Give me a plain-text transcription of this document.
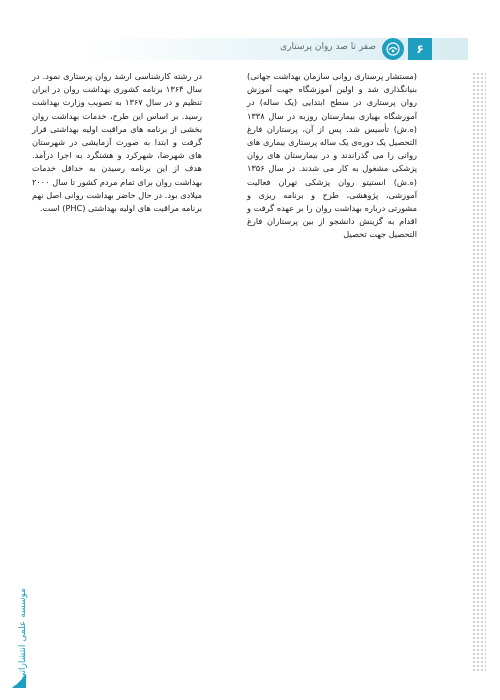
۶
صفر تا صد روان پرستاری

(مستشار پرستاری روانی سازمان بهداشت جهانی) بنیانگذاری شد و اولین آموزشگاه جهت آموزش روان پرستاری در سطح ابتدایی (یک ساله) در آموزشگاه بهیاری بیمارستان روزبه در سال ۱۳۳۸ (ه.ش) تأسیس شد. پس از آن، پرستاران فارغ التحصیل یک دوره‌ی یک ساله پرستاری بیماری های روانی را می گذراندند و در بیمارستان های روان پزشکی مشغول به کار می شدند. در سال ۱۳۵۶ (ه.ش) انستیتو روان پزشکی تهران فعالیت آموزشی، پژوهشی، طرح و برنامه ریزی و مشورتی درباره بهداشت روان را بر عهده گرفت و اقدام به گزینش دانشجو از بین پرستاران فارغ التحصیل جهت تحصیل

در رشته کارشناسی ارشد روان پرستاری نمود. در سال ۱۳۶۴ برنامه کشوری بهداشت روان در ایران تنظیم و در سال ۱۳۶۷ به تصویب وزارت بهداشت رسید. بر اساس این طرح، خدمات بهداشت روان بخشی از برنامه های مراقبت اولیه بهداشتی قرار گرفت و ابتدا به صورت آزمایشی در شهرستان های شهرضا، شهرکرد و هشتگرد به اجرا درآمد. هدف از این برنامه رسیدن به حداقل خدمات بهداشت روان برای تمام مردم کشور تا سال ۲۰۰۰ میلادی بود. در حال حاضر بهداشت روانی اصل نهم برنامه مراقبت های اولیه بهداشتی (PHC) است.

موسسه علمی انتشاراتی
